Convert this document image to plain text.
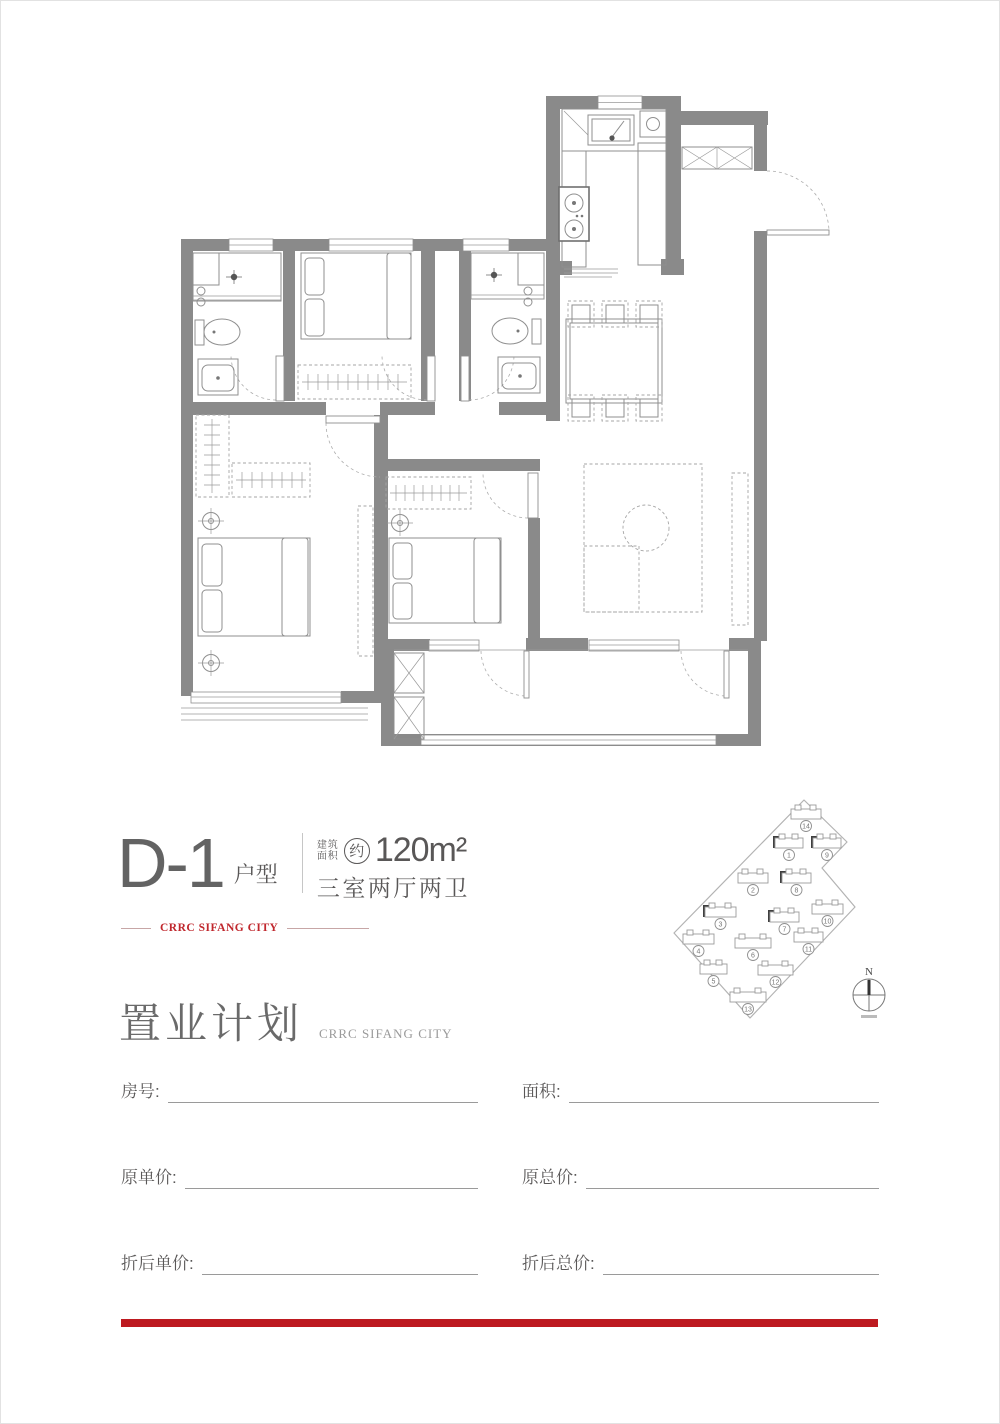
D-1 户型
建筑
面积 约 120m²
三室两厅两卫
CRRC SIFANG CITY
14
1	9
2	8
3
7
10
4
6
11
5	12
13
N
置业计划 CRRC SIFANG CITY
房号:	面积:
原单价:	原总价:
折后单价:	折后总价:
